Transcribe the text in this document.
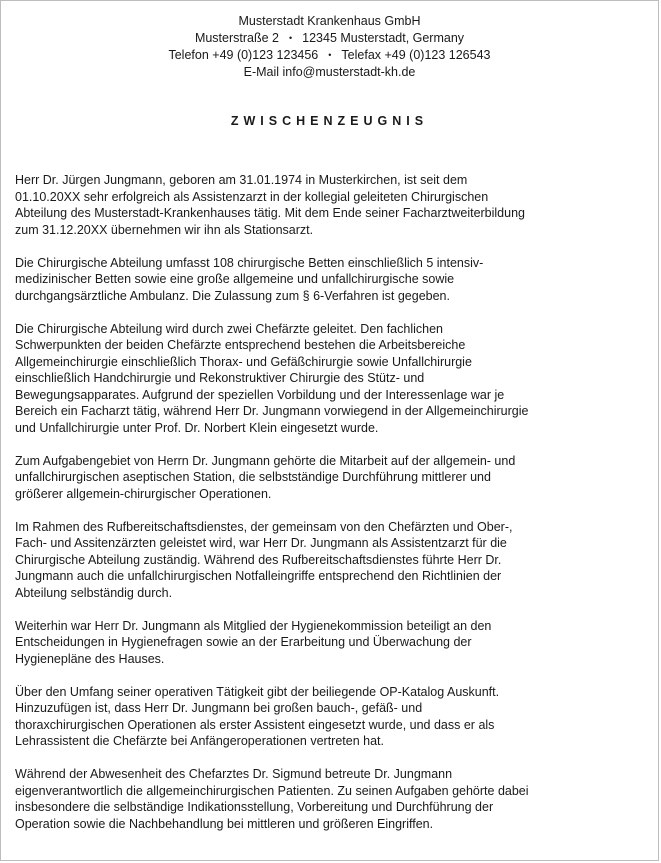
Musterstadt Krankenhaus GmbH
Musterstraße 2 • 12345 Musterstadt, Germany
Telefon +49 (0)123 123456 • Telefax +49 (0)123 126543
E-Mail info@musterstadt-kh.de
ZWISCHENZEUGNIS
Herr Dr. Jürgen Jungmann, geboren am 31.01.1974 in Musterkirchen, ist seit dem
01.10.20XX sehr erfolgreich als Assistenzarzt in der kollegial geleiteten Chirurgischen
Abteilung des Musterstadt-Krankenhauses tätig. Mit dem Ende seiner Facharztweiterbildung
zum 31.12.20XX übernehmen wir ihn als Stationsarzt.
Die Chirurgische Abteilung umfasst 108 chirurgische Betten einschließlich 5 intensiv-
medizinischer Betten sowie eine große allgemeine und unfallchirurgische sowie
durchgangsärztliche Ambulanz. Die Zulassung zum § 6-Verfahren ist gegeben.
Die Chirurgische Abteilung wird durch zwei Chefärzte geleitet. Den fachlichen
Schwerpunkten der beiden Chefärzte entsprechend bestehen die Arbeitsbereiche
Allgemeinchirurgie einschließlich Thorax- und Gefäßchirurgie sowie Unfallchirurgie
einschließlich Handchirurgie und Rekonstruktiver Chirurgie des Stütz- und
Bewegungsapparates. Aufgrund der speziellen Vorbildung und der Interessenlage war je
Bereich ein Facharzt tätig, während Herr Dr. Jungmann vorwiegend in der Allgemeinchirurgie
und Unfallchirurgie unter Prof. Dr. Norbert Klein eingesetzt wurde.
Zum Aufgabengebiet von Herrn Dr. Jungmann gehörte die Mitarbeit auf der allgemein- und
unfallchirurgischen aseptischen Station, die selbstständige Durchführung mittlerer und
größerer allgemein-chirurgischer Operationen.
Im Rahmen des Rufbereitschaftsdienstes, der gemeinsam von den Chefärzten und Ober-,
Fach- und Assitenzärzten geleistet wird, war Herr Dr. Jungmann als Assistentzarzt für die
Chirurgische Abteilung zuständig. Während des Rufbereitschaftsdienstes führte Herr Dr.
Jungmann auch die unfallchirurgischen Notfalleingriffe entsprechend den Richtlinien der
Abteilung selbständig durch.
Weiterhin war Herr Dr. Jungmann als Mitglied der Hygienekommission beteiligt an den
Entscheidungen in Hygienefragen sowie an der Erarbeitung und Überwachung der
Hygienepläne des Hauses.
Über den Umfang seiner operativen Tätigkeit gibt der beiliegende OP-Katalog Auskunft.
Hinzuzufügen ist, dass Herr Dr. Jungmann bei großen bauch-, gefäß- und
thoraxchirurgischen Operationen als erster Assistent eingesetzt wurde, und dass er als
Lehrassistent die Chefärzte bei Anfängeroperationen vertreten hat.
Während der Abwesenheit des Chefarztes Dr. Sigmund betreute Dr. Jungmann
eigenverantwortlich die allgemeinchirurgischen Patienten. Zu seinen Aufgaben gehörte dabei
insbesondere die selbständige Indikationsstellung, Vorbereitung und Durchführung der
Operation sowie die Nachbehandlung bei mittleren und größeren Eingriffen.
